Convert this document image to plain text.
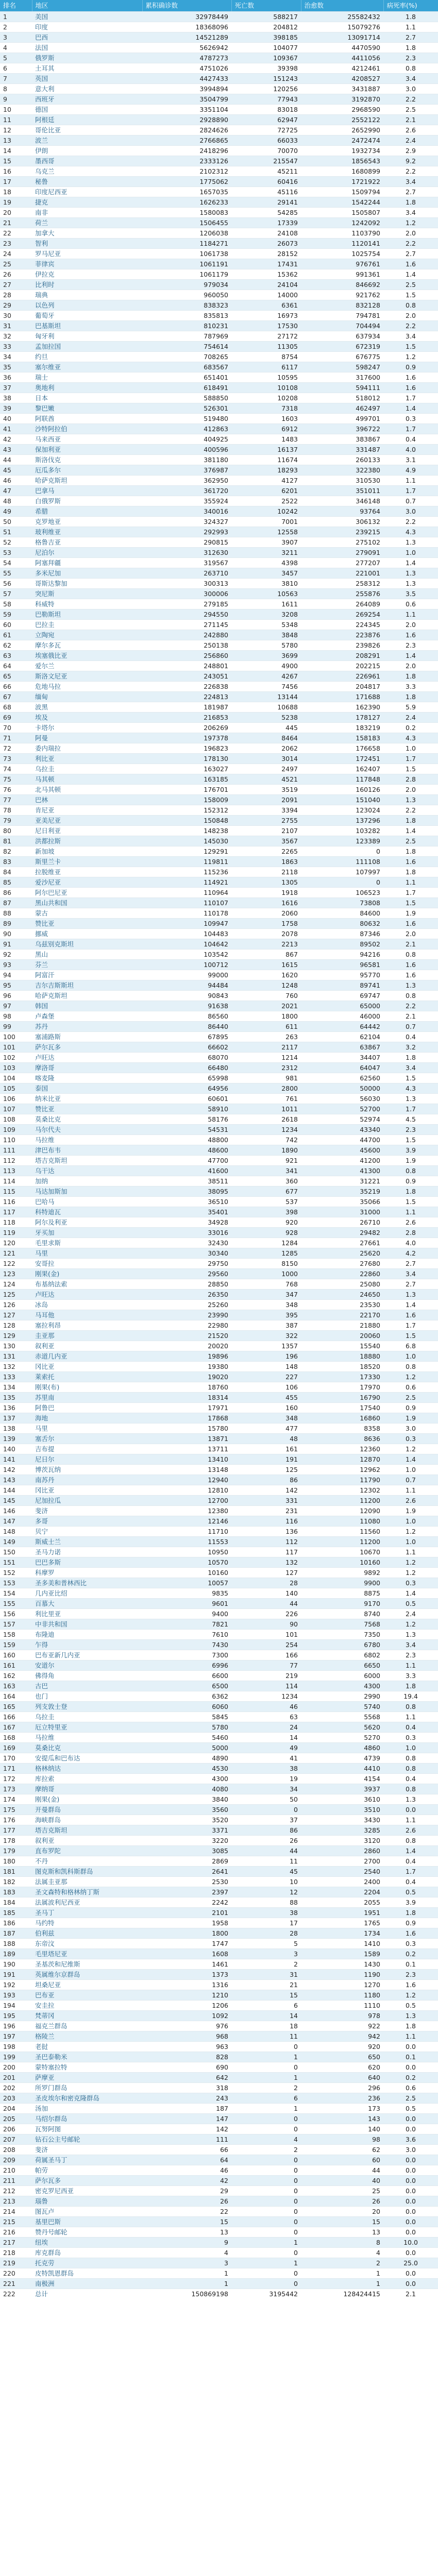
排名	地区	累积确诊数	死亡数	治愈数	病死率(%)
1	美国	32978449	588217	25582432	1.8
2	印度	18368096	204812	15079276	1.1
3	巴西	14521289	398185	13091714	2.7
4	法国	5626942	104077	4470590	1.8
5	俄罗斯	4787273	109367	4411056	2.3
6	土耳其	4751026	39398	4212461	0.8
7	英国	4427433	151243	4208527	3.4
8	意大利	3994894	120256	3431887	3.0
9	西班牙	3504799	77943	3192870	2.2
10	德国	3351104	83018	2968590	2.5
11	阿根廷	2928890	62947	2552122	2.1
12	哥伦比亚	2824626	72725	2652990	2.6
13	波兰	2766865	66033	2472474	2.4
14	伊朗	2418296	70070	1932734	2.9
15	墨西哥	2333126	215547	1856543	9.2
16	乌克兰	2102312	45211	1680899	2.2
17	秘鲁	1775062	60416	1721922	3.4
18	印度尼西亚	1657035	45116	1509794	2.7
19	捷克	1626233	29141	1542244	1.8
20	南非	1580083	54285	1505807	3.4
21	荷兰	1506455	17339	1242092	1.2
22	加拿大	1206038	24108	1103790	2.0
23	智利	1184271	26073	1120141	2.2
24	罗马尼亚	1061738	28152	1025754	2.7
25	菲律宾	1061191	17431	976761	1.6
26	伊拉克	1061179	15362	991361	1.4
27	比利时	979034	24104	846692	2.5
28	瑞典	960050	14000	921762	1.5
29	以色列	838323	6361	832128	0.8
30	葡萄牙	835813	16973	794781	2.0
31	巴基斯坦	810231	17530	704494	2.2
32	匈牙利	787969	27172	637934	3.4
33	孟加拉国	754614	11305	672319	1.5
34	约旦	708265	8754	676775	1.2
35	塞尔维亚	683567	6117	598247	0.9
36	瑞士	651401	10595	317600	1.6
37	奥地利	618491	10108	594111	1.6
38	日本	588850	10208	518012	1.7
39	黎巴嫩	526301	7318	462497	1.4
40	阿联酋	519480	1603	499701	0.3
41	沙特阿拉伯	412863	6912	396722	1.7
42	马来西亚	404925	1483	383867	0.4
43	保加利亚	400596	16137	331487	4.0
44	斯洛伐克	381180	11674	260133	3.1
45	厄瓜多尔	376987	18293	322380	4.9
46	哈萨克斯坦	362950	4127	310530	1.1
47	巴拿马	361720	6201	351011	1.7
48	白俄罗斯	355924	2522	346148	0.7
49	希腊	340016	10242	93764	3.0
50	克罗地亚	324327	7001	306132	2.2
51	玻利维亚	292993	12558	239215	4.3
52	格鲁吉亚	290815	3907	275102	1.3
53	尼泊尔	312630	3211	279091	1.0
54	阿塞拜疆	319567	4398	277207	1.4
55	多米尼加	263710	3457	221001	1.3
56	哥斯达黎加	300313	3810	258312	1.3
57	突尼斯	300006	10563	255876	3.5
58	科威特	279185	1611	264089	0.6
59	巴勒斯坦	294550	3208	269254	1.1
60	巴拉圭	271145	5348	224345	2.0
61	立陶宛	242880	3848	223876	1.6
62	摩尔多瓦	250138	5780	239826	2.3
63	埃塞俄比亚	256860	3699	208291	1.4
64	爱尔兰	248801	4900	202215	2.0
65	斯洛文尼亚	243051	4267	226961	1.8
66	危地马拉	226838	7456	204817	3.3
67	缅甸	224813	13144	171688	1.8
68	波黑	181987	10688	162390	5.9
69	埃及	216853	5238	178127	2.4
70	卡塔尔	206269	445	183219	0.2
71	阿曼	197378	8464	158183	4.3
72	委内瑞拉	196823	2062	176658	1.0
73	利比亚	178130	3014	172451	1.7
74	乌拉圭	163027	2497	162407	1.5
75	马其顿	163185	4521	117848	2.8
76	北马其顿	176701	3519	160126	2.0
77	巴林	158009	2091	151040	1.3
78	肯尼亚	152312	3394	123024	2.2
79	亚美尼亚	150848	2755	137296	1.8
80	尼日利亚	148238	2107	103282	1.4
81	洪都拉斯	145030	3567	123389	2.5
82	新加坡	129291	2265	0	1.8
83	斯里兰卡	119811	1863	111108	1.6
84	拉脱维亚	115236	2118	107997	1.8
85	爱沙尼亚	114921	1305	0	1.1
86	阿尔巴尼亚	110964	1918	106523	1.7
87	黑山共和国	110107	1616	73808	1.5
88	蒙古	110178	2060	84600	1.9
89	赞比亚	109947	1758	80632	1.6
90	挪威	104483	2078	87346	2.0
91	乌兹别克斯坦	104642	2213	89502	2.1
92	黑山	103542	867	94216	0.8
93	芬兰	100712	1615	96581	1.6
94	阿富汗	99000	1620	95770	1.6
95	吉尔吉斯斯坦	94484	1248	89741	1.3
96	哈萨克斯坦	90843	760	69747	0.8
97	韩国	91638	2021	65000	2.2
98	卢森堡	86560	1800	46000	2.1
99	苏丹	86440	611	64442	0.7
100	塞浦路斯	67895	263	62104	0.4
101	萨尔瓦多	66602	2117	63867	3.2
102	卢旺达	68070	1214	34407	1.8
103	摩洛哥	66480	2312	64047	3.4
104	喀麦隆	65998	981	62560	1.5
105	泰国	64956	2800	50000	4.3
106	纳米比亚	60601	761	56030	1.3
107	赞比亚	58910	1011	52700	1.7
108	莫桑比克	58176	2618	52974	4.5
109	马尔代夫	54531	1234	43340	2.3
110	马拉维	48800	742	44700	1.5
111	津巴布韦	48600	1890	45600	3.9
112	塔吉克斯坦	47700	921	41200	1.9
113	乌干达	41600	341	41300	0.8
114	加纳	38511	360	31221	0.9
115	马达加斯加	38095	677	35219	1.8
116	巴哈马	36510	537	35066	1.5
117	科特迪瓦	35401	398	31000	1.1
118	阿尔及利亚	34928	920	26710	2.6
119	牙买加	33016	928	29482	2.8
120	毛里求斯	32430	1284	27661	4.0
121	马里	30340	1285	25620	4.2
122	安哥拉	29750	8150	27680	2.7
123	刚果(金)	29560	1000	22860	3.4
124	布基纳法索	28850	768	25080	2.7
125	卢旺达	26350	347	24650	1.3
126	冰岛	25260	348	23530	1.4
127	马耳他	23990	395	22170	1.6
128	塞拉利昂	22980	387	21880	1.7
129	圭亚那	21520	322	20060	1.5
130	叙利亚	20020	1357	15540	6.8
131	赤道几内亚	19896	196	18880	1.0
132	冈比亚	19380	148	18520	0.8
133	莱索托	19020	227	17330	1.2
134	刚果(布)	18760	106	17970	0.6
135	苏里南	18314	455	16790	2.5
136	阿鲁巴	17971	160	17540	0.9
137	海地	17868	348	16860	1.9
138	马里	15780	477	8358	3.0
139	塞舌尔	13871	48	8636	0.3
140	吉布提	13711	161	12360	1.2
141	尼日尔	13410	191	12870	1.4
142	博茨瓦纳	13148	125	12962	1.0
143	南苏丹	12940	86	11790	0.7
144	冈比亚	12810	142	12302	1.1
145	尼加拉瓜	12700	331	11200	2.6
146	斐济	12380	231	12090	1.9
147	多哥	12146	116	11080	1.0
148	贝宁	11710	136	11560	1.2
149	斯威士兰	11553	112	11200	1.0
150	圣马力诺	10950	117	10670	1.1
151	巴巴多斯	10570	132	10160	1.2
152	科摩罗	10160	127	9892	1.2
153	圣多美和普林西比	10057	28	9900	0.3
154	几内亚比绍	9835	140	8875	1.4
155	百慕大	9601	44	9170	0.5
156	利比里亚	9400	226	8740	2.4
157	中非共和国	7821	90	7568	1.2
158	布隆迪	7610	101	7350	1.3
159	乍得	7430	254	6780	3.4
160	巴布亚新几内亚	7300	166	6802	2.3
161	安道尔	6996	77	6650	1.1
162	佛得角	6600	219	6000	3.3
163	古巴	6500	114	4300	1.8
164	也门	6362	1234	2990	19.4
165	列支敦士登	6060	46	5740	0.8
166	乌拉圭	5845	63	5568	1.1
167	厄立特里亚	5780	24	5620	0.4
168	马拉维	5460	14	5270	0.3
169	莫桑比克	5000	49	4860	1.0
170	安提瓜和巴布达	4890	41	4739	0.8
171	格林纳达	4530	38	4410	0.8
172	库拉索	4300	19	4154	0.4
173	摩纳哥	4080	34	3937	0.8
174	刚果(金)	3840	50	3610	1.3
175	开曼群岛	3560	0	3510	0.0
176	海峡群岛	3520	37	3430	1.1
177	塔吉克斯坦	3371	86	3285	2.6
178	叙利亚	3220	26	3120	0.8
179	直布罗陀	3085	44	2860	1.4
180	不丹	2869	11	2700	0.4
181	图克斯和凯科斯群岛	2641	45	2540	1.7
182	法属圭亚那	2530	10	2400	0.4
183	圣文森特和格林纳丁斯	2397	12	2204	0.5
184	法属波利尼西亚	2242	88	2055	3.9
185	圣马丁	2101	38	1951	1.8
186	马约特	1958	17	1765	0.9
187	伯利兹	1800	28	1734	1.6
188	东帝汶	1747	5	1410	0.3
189	毛里塔尼亚	1608	3	1589	0.2
190	圣基茨和尼维斯	1461	2	1430	0.1
191	英属维尔京群岛	1373	31	1190	2.3
192	坦桑尼亚	1316	21	1270	1.6
193	巴布亚	1210	15	1180	1.2
194	安圭拉	1206	6	1110	0.5
195	梵蒂冈	1092	14	978	1.3
196	福克兰群岛	976	18	922	1.8
197	格陵兰	968	11	942	1.1
198	老挝	963	0	920	0.0
199	圣巴泰勒米	828	1	650	0.1
200	蒙特塞拉特	690	0	620	0.0
201	萨摩亚	642	1	640	0.2
202	所罗门群岛	318	2	296	0.6
203	圣皮埃尔和密克隆群岛	243	6	236	2.5
204	汤加	187	1	173	0.5
205	马绍尔群岛	147	0	143	0.0
206	瓦努阿图	142	0	140	0.0
207	钻石公主号邮轮	111	4	98	3.6
208	斐济	66	2	62	3.0
209	荷属圣马丁	64	0	60	0.0
210	帕劳	46	0	44	0.0
211	萨尔瓦多	42	0	40	0.0
212	密克罗尼西亚	29	0	25	0.0
213	瑙鲁	26	0	26	0.0
214	图瓦卢	22	0	20	0.0
215	基里巴斯	15	0	15	0.0
216	赞丹号邮轮	13	0	13	0.0
217	纽埃	9	1	8	10.0
218	库克群岛	4	0	4	0.0
219	托克劳	3	1	2	25.0
220	皮特凯恩群岛	1	0	1	0.0
221	南极洲	1	0	1	0.0
222	总计	150869198	3195442	128424415	2.1
